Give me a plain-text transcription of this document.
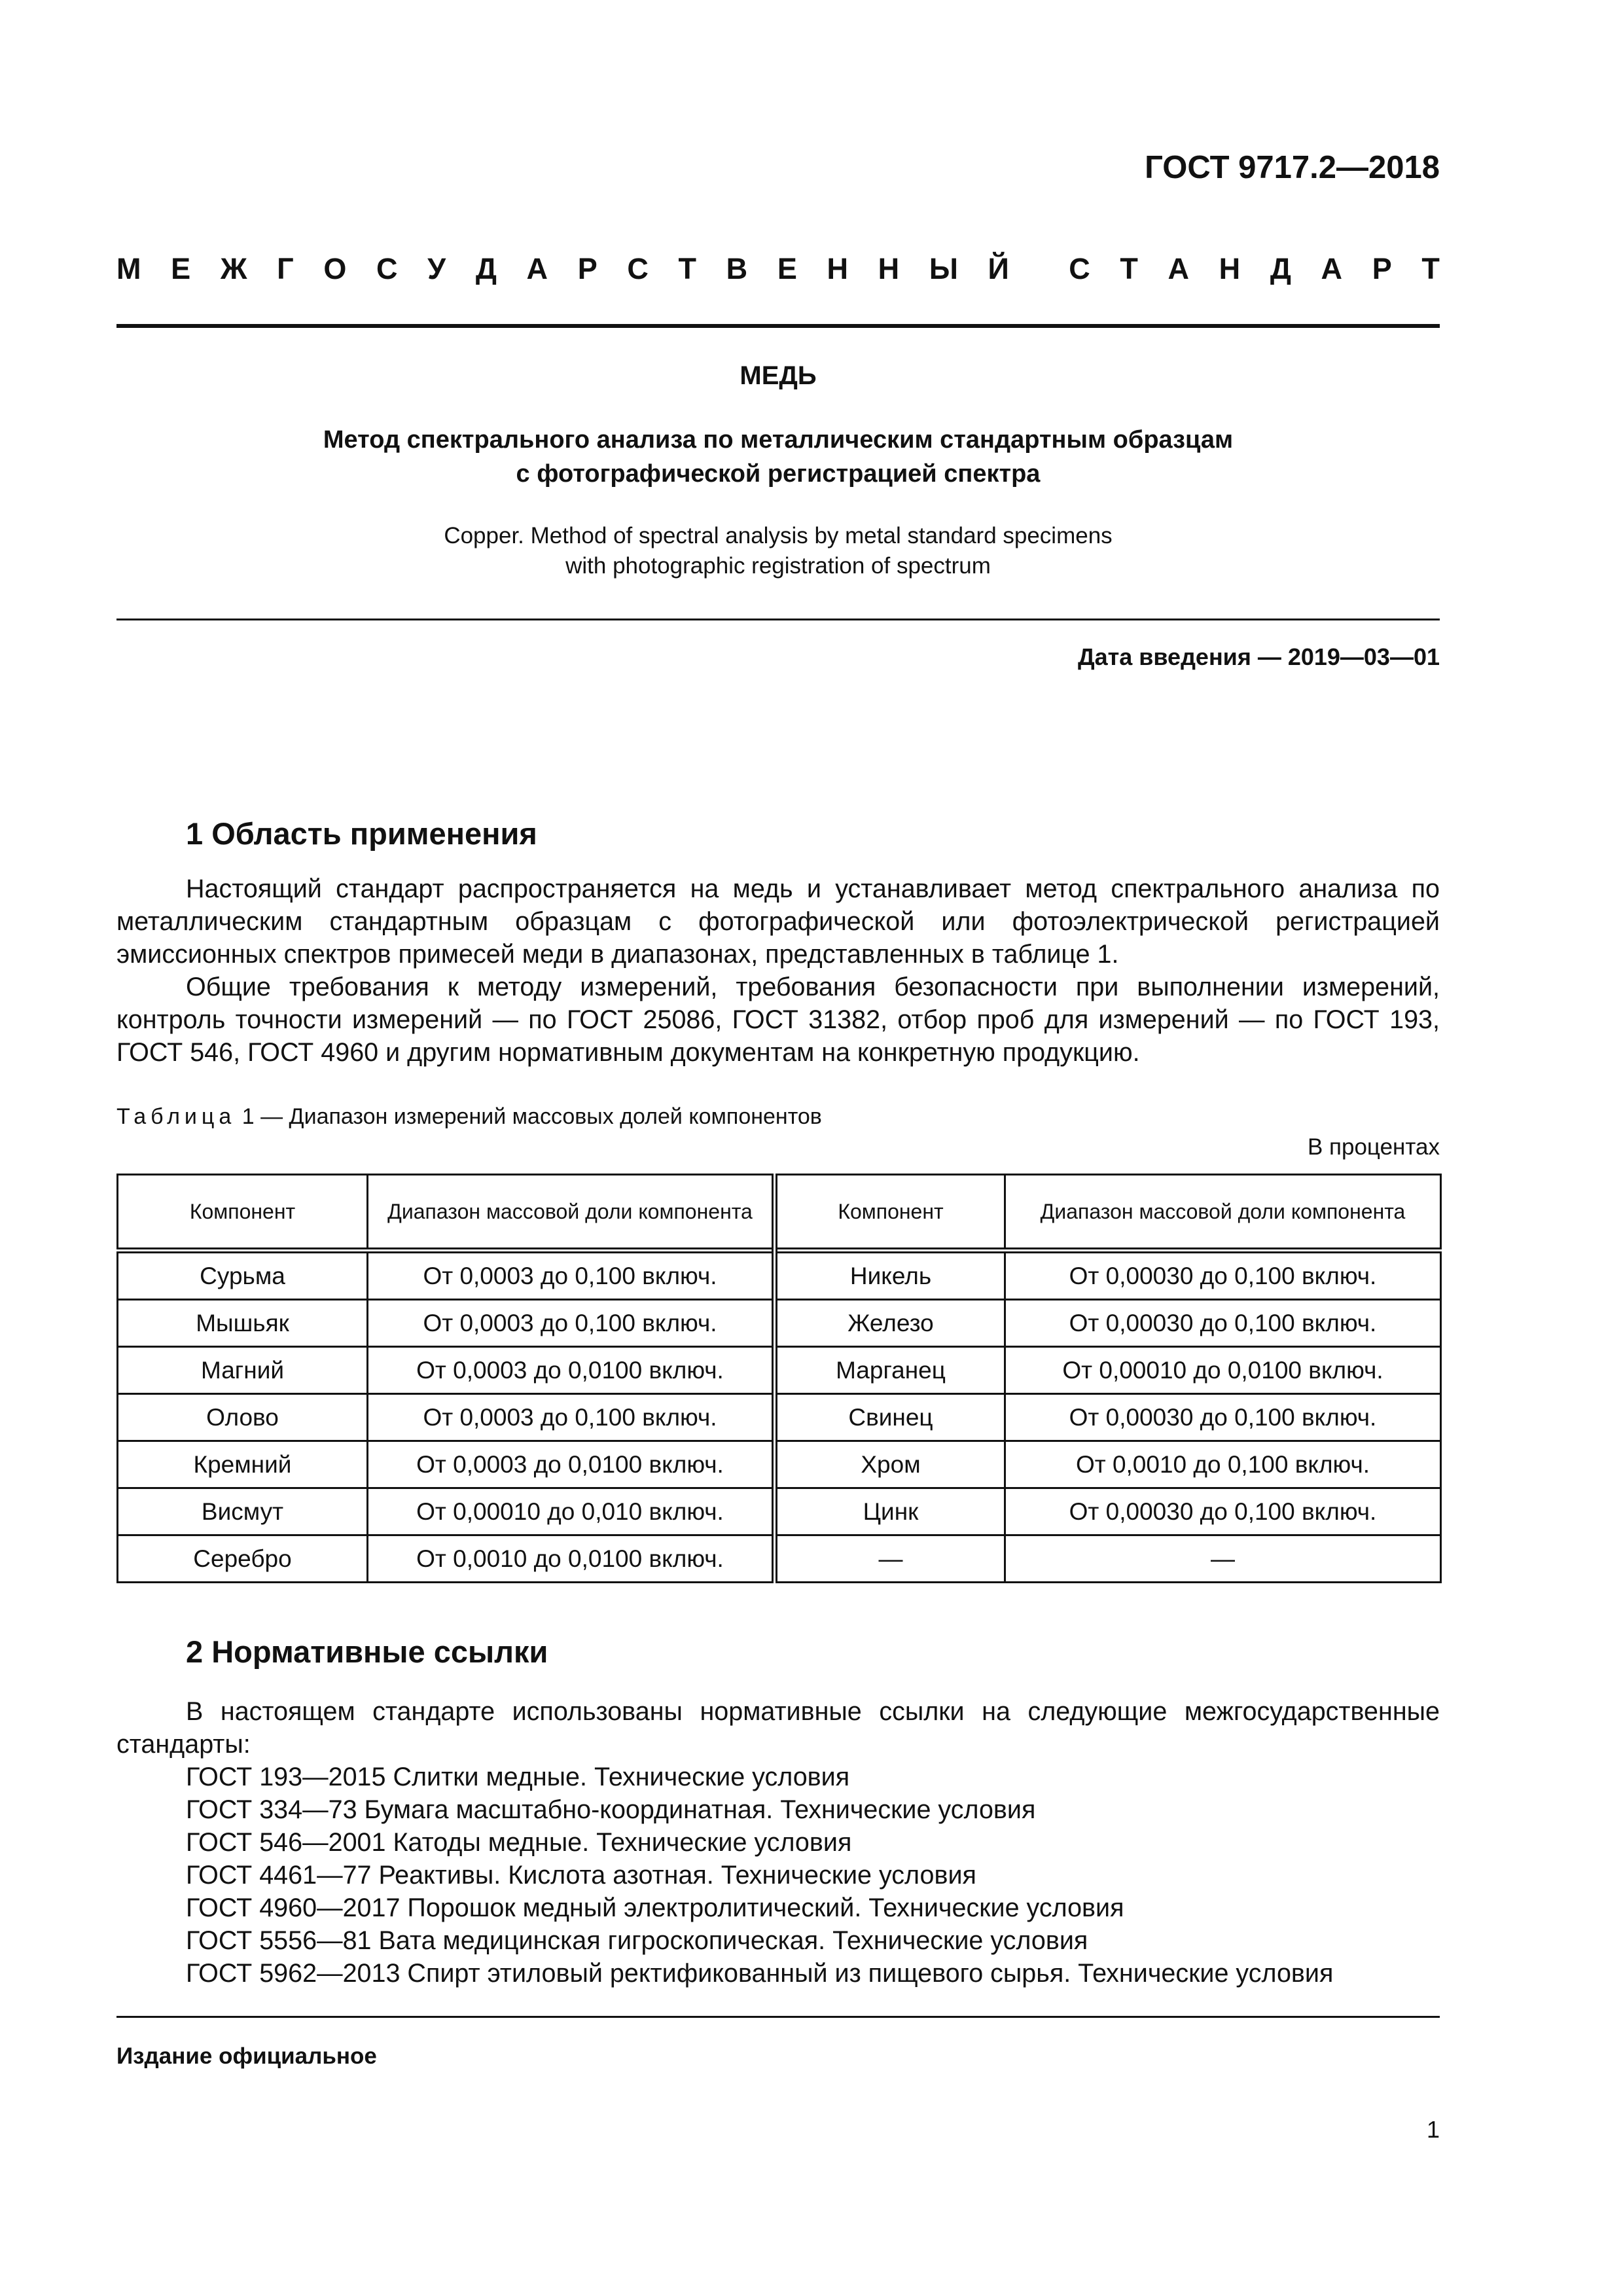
ГОСТ 9717.2—2018
М Е Ж Г О С У Д А Р С Т В Е Н Н Ы Й С Т А Н Д А Р Т
МЕДЬ
Метод спектрального анализа по металлическим стандартным образцам
с фотографической регистрацией спектра
Copper. Method of spectral analysis by metal standard specimens
with photographic registration of spectrum
Дата введения — 2019—03—01
1 Область применения
Настоящий стандарт распространяется на медь и устанавливает метод спектрального анализа по металлическим стандартным образцам с фотографической или фотоэлектрической регистрацией эмиссионных спектров примесей меди в диапазонах, представленных в таблице 1.
Общие требования к методу измерений, требования безопасности при выполнении измерений, контроль точности измерений — по ГОСТ 25086, ГОСТ 31382, отбор проб для измерений — по ГОСТ 193, ГОСТ 546, ГОСТ 4960 и другим нормативным документам на конкретную продукцию.
Таблица 1 — Диапазон измерений массовых долей компонентов
В процентах
Компонент	Диапазон массовой доли компонента	Компонент	Диапазон массовой доли компонента
Сурьма	От 0,0003 до 0,100 включ.	Никель	От 0,00030 до 0,100 включ.
Мышьяк	От 0,0003 до 0,100 включ.	Железо	От 0,00030 до 0,100 включ.
Магний	От 0,0003 до 0,0100 включ.	Марганец	От 0,00010 до 0,0100 включ.
Олово	От 0,0003 до 0,100 включ.	Свинец	От 0,00030 до 0,100 включ.
Кремний	От 0,0003 до 0,0100 включ.	Хром	От 0,0010 до 0,100 включ.
Висмут	От 0,00010 до 0,010 включ.	Цинк	От 0,00030 до 0,100 включ.
Серебро	От 0,0010 до 0,0100 включ.	—	—
2 Нормативные ссылки
В настоящем стандарте использованы нормативные ссылки на следующие межгосударственные стандарты:
ГОСТ 193—2015 Слитки медные. Технические условия
ГОСТ 334—73 Бумага масштабно-координатная. Технические условия
ГОСТ 546—2001 Катоды медные. Технические условия
ГОСТ 4461—77 Реактивы. Кислота азотная. Технические условия
ГОСТ 4960—2017 Порошок медный электролитический. Технические условия
ГОСТ 5556—81 Вата медицинская гигроскопическая. Технические условия
ГОСТ 5962—2013 Спирт этиловый ректификованный из пищевого сырья. Технические условия
Издание официальное
1
